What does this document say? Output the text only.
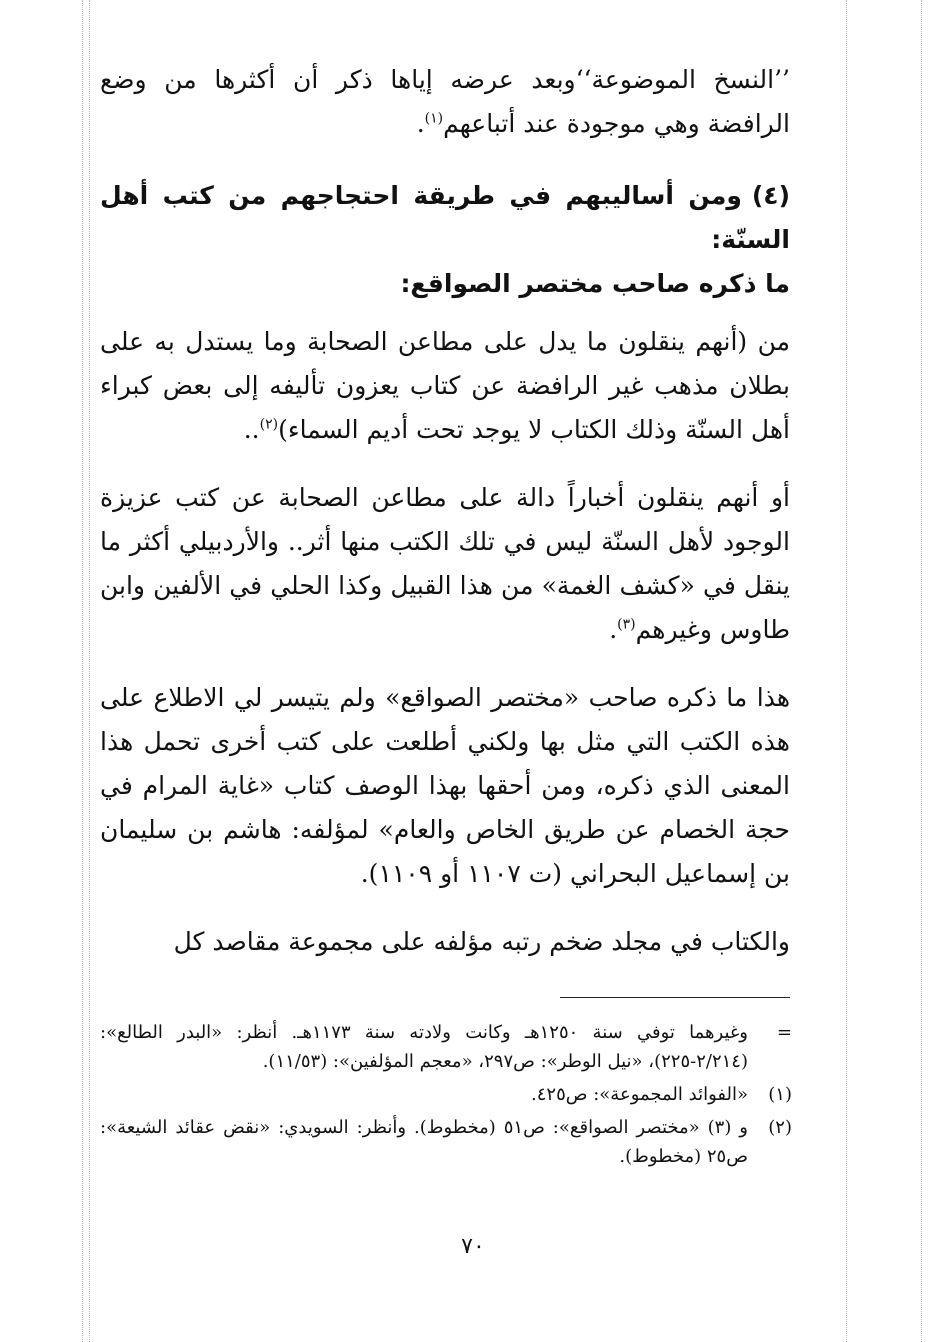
’’النسخ الموضوعة‘‘وبعد عرضه إياها ذكر أن أكثرها من وضع الرافضة وهي موجودة عند أتباعهم$^{(١)}$.

(٤)ومن أساليبهم في طريقة احتجاجهم من كتب أهل السنّة:
ما ذكره صاحب مختصر الصواقع:

من (أنهم ينقلون ما يدل على مطاعن الصحابة وما يستدل به على بطلان مذهب غير الرافضة عن كتاب يعزون تأليفه إلى بعض كبراء أهل السنّة وذلك الكتاب لا يوجد تحت أديم السماء)$^{(٢)}$..

أو أنهم ينقلون أخباراً دالة على مطاعن الصحابة عن كتب عزيزة الوجود لأهل السنّة ليس في تلك الكتب منها أثر.. والأردبيلي أكثر ما ينقل في «كشف الغمة» من هذا القبيل وكذا الحلي في الألفين وابن طاوس وغيرهم$^{(٣)}$.

هذا ما ذكره صاحب «مختصر الصواقع» ولم يتيسر لي الاطلاع على هذه الكتب التي مثل بها ولكني أطلعت على كتب أخرى تحمل هذا المعنى الذي ذكره، ومن أحقها بهذا الوصف كتاب «غاية المرام في حجة الخصام عن طريق الخاص والعام» لمؤلفه: هاشم بن سليمان بن إسماعيل البحراني (ت ١١٠٧ أو ١١٠٩).

والكتاب في مجلد ضخم رتبه مؤلفه على مجموعة مقاصد كل

=
وغيرهما توفي سنة ١٢٥٠هـ وكانت ولادته سنة ١١٧٣هـ. أنظر: «البدر الطالع»: (٢/٢١٤-٢٢٥)، «نيل الوطر»: ص٢٩٧، «معجم المؤلفين»: (١١/٥٣).
(١)
«الفوائد المجموعة»: ص٤٢٥.
(٢)
و (٣) «مختصر الصواقع»: ص٥١ (مخطوط). وأنظر: السويدي: «نقض عقائد الشيعة»: ص٢٥ (مخطوط).
٧٠
